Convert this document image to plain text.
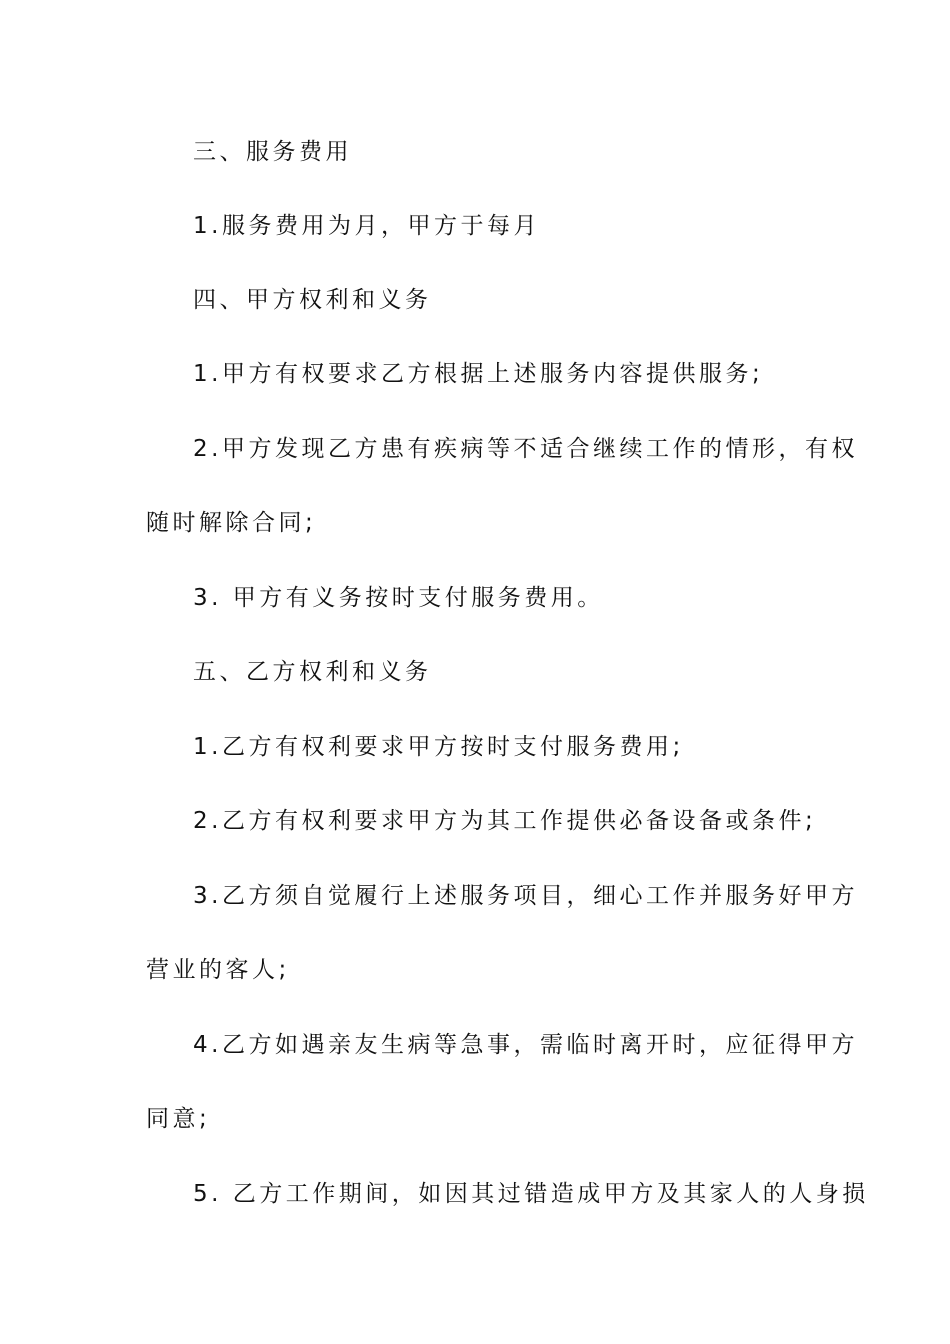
三、服务费用
1.服务费用为月，甲方于每月
四、甲方权利和义务
1.甲方有权要求乙方根据上述服务内容提供服务;
2.甲方发现乙方患有疾病等不适合继续工作的情形，有权
随时解除合同;
3. 甲方有义务按时支付服务费用。
五、乙方权利和义务
1.乙方有权利要求甲方按时支付服务费用;
2.乙方有权利要求甲方为其工作提供必备设备或条件;
3.乙方须自觉履行上述服务项目，细心工作并服务好甲方
营业的客人;
4.乙方如遇亲友生病等急事，需临时离开时，应征得甲方
同意;
5. 乙方工作期间，如因其过错造成甲方及其家人的人身损
